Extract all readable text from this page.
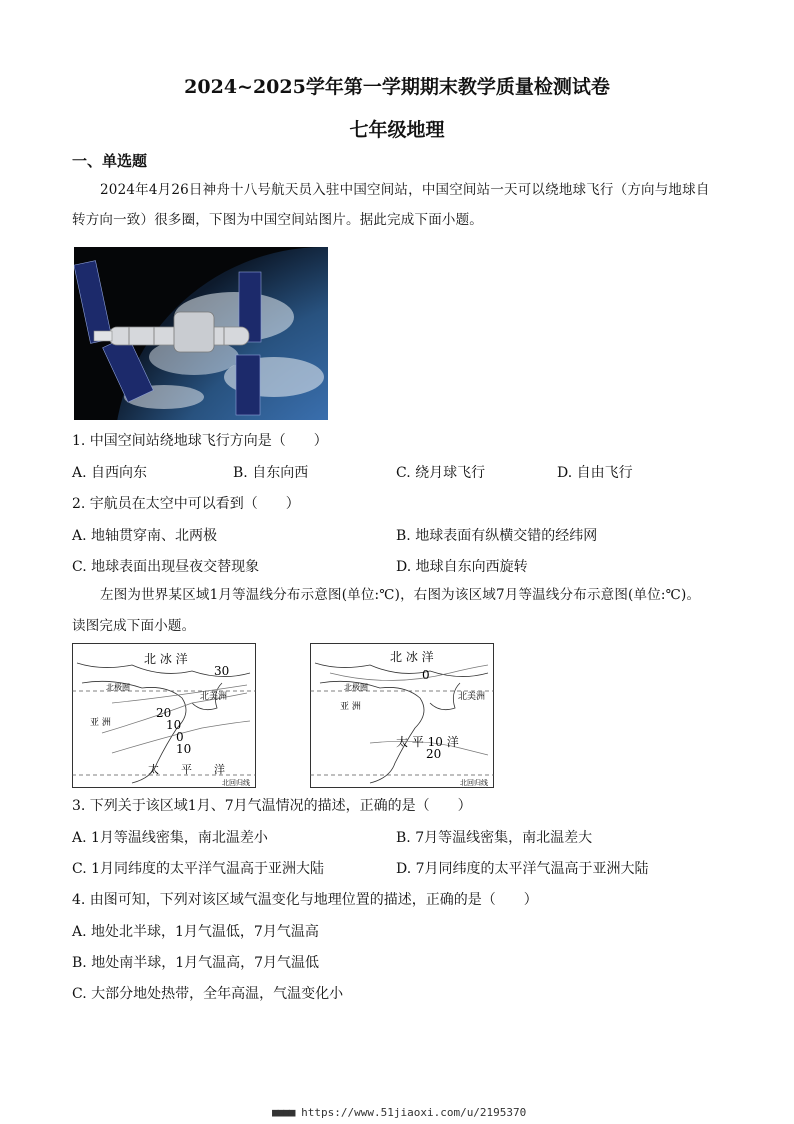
2024~2025学年第一学期期末教学质量检测试卷
七年级地理
一、单选题
2024年4月26日神舟十八号航天员入驻中国空间站，中国空间站一天可以绕地球飞行（方向与地球自
转方向一致）很多圈，下图为中国空间站图片。据此完成下面小题。
1. 中国空间站绕地球飞行方向是（　　）
A. 自西向东	B. 自东向西	C. 绕月球飞行	D. 自由飞行
2. 宇航员在太空中可以看到（　　）
A. 地轴贯穿南、北两极	B. 地球表面有纵横交错的经纬网
C. 地球表面出现昼夜交替现象	D. 地球自东向西旋转
左图为世界某区域1月等温线分布示意图(单位:℃)，右图为该区域7月等温线分布示意图(单位:℃)。
读图完成下面小题。
北 冰 洋
30
北极圈
北美洲
20
亚 洲	10
0
10
太　　平　　洋
北回归线
北 冰 洋
0
北极圈
北美洲
亚 洲
太 平 10 洋
20
北回归线
3. 下列关于该区域1月、7月气温情况的描述，正确的是（　　）
A. 1月等温线密集，南北温差小	B. 7月等温线密集，南北温差大
C. 1月同纬度的太平洋气温高于亚洲大陆	D. 7月同纬度的太平洋气温高于亚洲大陆
4. 由图可知，下列对该区域气温变化与地理位置的描述，正确的是（　　）
A. 地处北半球，1月气温低，7月气温高
B. 地处南半球，1月气温高，7月气温低
C. 大部分地处热带，全年高温，气温变化小
■■■■ https://www.51jiaoxi.com/u/2195370
